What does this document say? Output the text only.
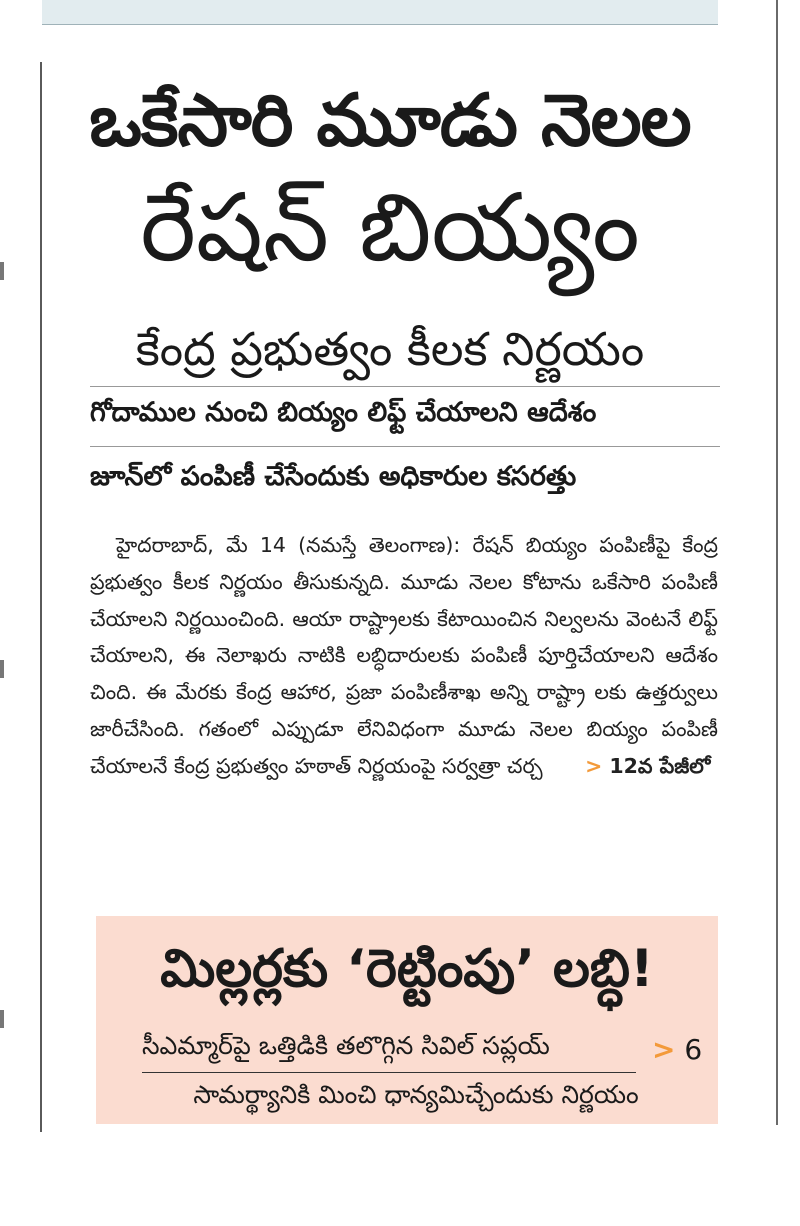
ఒకేసారి మూడు నెలల
రేషన్ బియ్యం
కేంద్ర ప్రభుత్వం కీలక నిర్ణయం
గోదాముల నుంచి బియ్యం లిఫ్ట్ చేయాలని ఆదేశం
జూన్‌లో పంపిణీ చేసేందుకు అధికారుల కసరత్తు
హైదరాబాద్, మే 14 (నమస్తే తెలంగాణ): రేషన్ బియ్యం పంపిణీపై కేంద్ర ప్రభుత్వం కీలక నిర్ణయం తీసుకున్నది. మూడు నెలల కోటాను ఒకేసారి పంపిణీ చేయాలని నిర్ణయించింది. ఆయా రాష్ట్రాలకు కేటాయించిన నిల్వలను వెంటనే లిఫ్ట్ చేయాలని, ఈ నెలాఖరు నాటికి లబ్ధిదారులకు పంపిణీ పూర్తిచేయాలని ఆదేశం చింది. ఈ మేరకు కేంద్ర ఆహార, ప్రజా పంపిణీశాఖ అన్ని రాష్ట్రా లకు ఉత్తర్వులు జారీచేసింది. గతంలో ఎప్పుడూ లేనివిధంగా మూడు నెలల బియ్యం పంపిణీ చేయాలనే కేంద్ర ప్రభుత్వం హఠాత్ నిర్ణయంపై సర్వత్రా చర్చ > 12వ పేజీలో
మిల్లర్లకు ‘రెట్టింపు’ లబ్ధి!
సీఎమ్మార్‌పై ఒత్తిడికి తలొగ్గిన సివిల్ సప్లయ్	> 6
సామర్థ్యానికి మించి ధాన్యమిచ్చేందుకు నిర్ణయం
